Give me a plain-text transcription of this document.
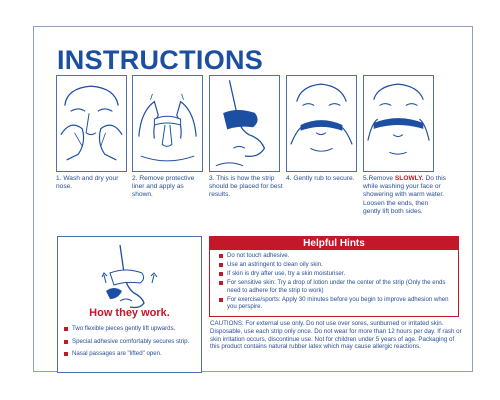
INSTRUCTIONS
1. Wash and dry your nose.
2. Remove protective liner and apply as shown.
3. This is how the strip should be placed for best results.
4. Gently rub to secure.	5.Remove SLOWLY. Do this while washing your face or showering with warm water. Loosen the ends, then gently lift both sides.
How they work.
Two flexible pieces gently lift upwards.
Special adhesive comfortably secures strip.
Nasal passages are "lifted" open.
Helpful Hints
Do not touch adhesive.
Use an astringent to clean oily skin.
If skin is dry after use, try a skin moisturiser.
For sensitive skin: Try a drop of lotion under the center of the strip (Only the ends need to adhere for the strip to work)
For exercise/sports: Apply 30 minutes before you begin to improve adhesion when you perspire.
CAUTIONS: For external use only. Do not use over sores, sunburned or irritated skin. Disposable, use each strip only once. Do not wear for more than 12 hours per day. If rash or skin irritation occurs, discontinue use. Not for children under 5 years of age. Packaging of this product contains natural rubber latex which may cause allergic reactions.
